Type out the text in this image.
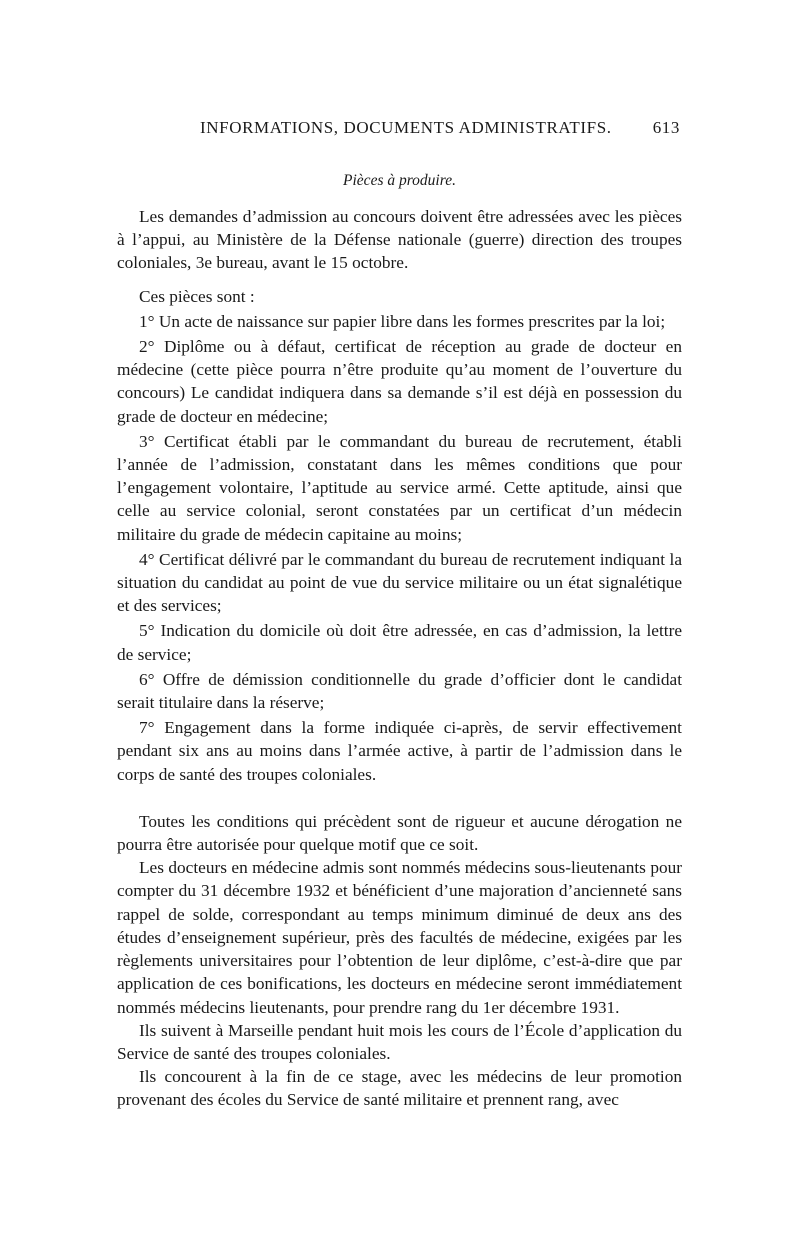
INFORMATIONS, DOCUMENTS ADMINISTRATIFS. 613
Pièces à produire.

Les demandes d’admission au concours doivent être adressées avec les pièces à l’appui, au Ministère de la Défense nationale (guerre) direction des troupes coloniales, 3e bureau, avant le 15 octobre.

Ces pièces sont :

1° Un acte de naissance sur papier libre dans les formes prescrites par la loi;

2° Diplôme ou à défaut, certificat de réception au grade de docteur en médecine (cette pièce pourra n’être produite qu’au moment de l’ouverture du concours) Le candidat indiquera dans sa demande s’il est déjà en possession du grade de docteur en médecine;

3° Certificat établi par le commandant du bureau de recrutement, établi l’année de l’admission, constatant dans les mêmes conditions que pour l’engagement volontaire, l’aptitude au service armé. Cette aptitude, ainsi que celle au service colonial, seront constatées par un certificat d’un médecin militaire du grade de médecin capitaine au moins;

4° Certificat délivré par le commandant du bureau de recrutement indiquant la situation du candidat au point de vue du service militaire ou un état signalétique et des services;

5° Indication du domicile où doit être adressée, en cas d’admission, la lettre de service;

6° Offre de démission conditionnelle du grade d’officier dont le candidat serait titulaire dans la réserve;

7° Engagement dans la forme indiquée ci-après, de servir effectivement pendant six ans au moins dans l’armée active, à partir de l’admission dans le corps de santé des troupes coloniales.

Toutes les conditions qui précèdent sont de rigueur et aucune dérogation ne pourra être autorisée pour quelque motif que ce soit.

Les docteurs en médecine admis sont nommés médecins sous-lieutenants pour compter du 31 décembre 1932 et bénéficient d’une majoration d’ancienneté sans rappel de solde, correspondant au temps minimum diminué de deux ans des études d’enseignement supérieur, près des facultés de médecine, exigées par les règlements universitaires pour l’obtention de leur diplôme, c’est-à-dire que par application de ces bonifications, les docteurs en médecine seront immédiatement nommés médecins lieutenants, pour prendre rang du 1er décembre 1931.

Ils suivent à Marseille pendant huit mois les cours de l’École d’application du Service de santé des troupes coloniales.

Ils concourent à la fin de ce stage, avec les médecins de leur promotion provenant des écoles du Service de santé militaire et prennent rang, avec
